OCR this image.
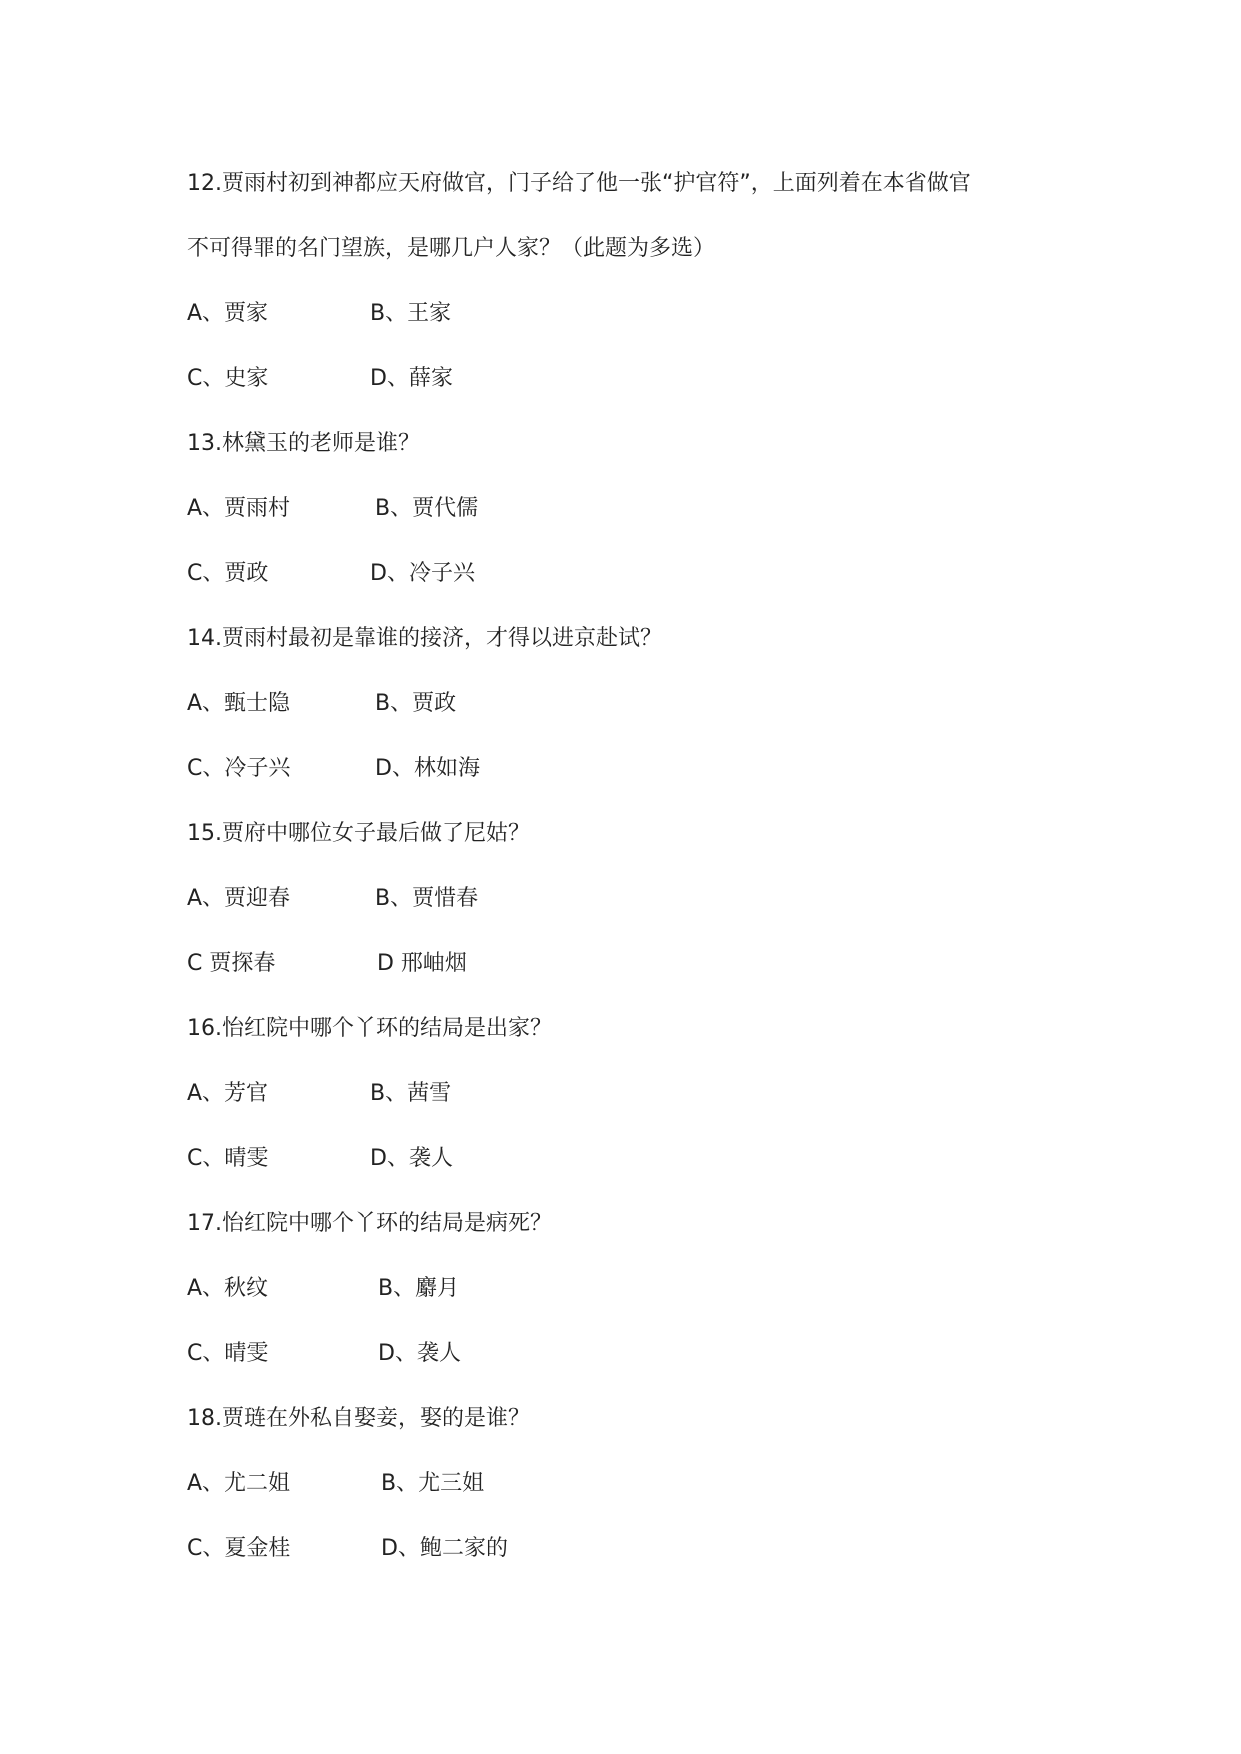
12.贾雨村初到神都应天府做官，门子给了他一张“护官符”，上面列着在本省做官
不可得罪的名门望族，是哪几户人家？（此题为多选）
A、贾家	B、王家
C、史家	D、薛家
13.林黛玉的老师是谁？
A、贾雨村	B、贾代儒
C、贾政	D、冷子兴
14.贾雨村最初是靠谁的接济，才得以进京赴试？
A、甄士隐	B、贾政
C、冷子兴	D、林如海
15.贾府中哪位女子最后做了尼姑？
A、贾迎春	B、贾惜春
C 贾探春	D 邢岫烟
16.怡红院中哪个丫环的结局是出家？
A、芳官	B、茜雪
C、晴雯	D、袭人
17.怡红院中哪个丫环的结局是病死？
A、秋纹	B、麝月
C、晴雯	D、袭人
18.贾琏在外私自娶妾，娶的是谁？
A、尤二姐	B、尤三姐
C、夏金桂	D、鲍二家的
